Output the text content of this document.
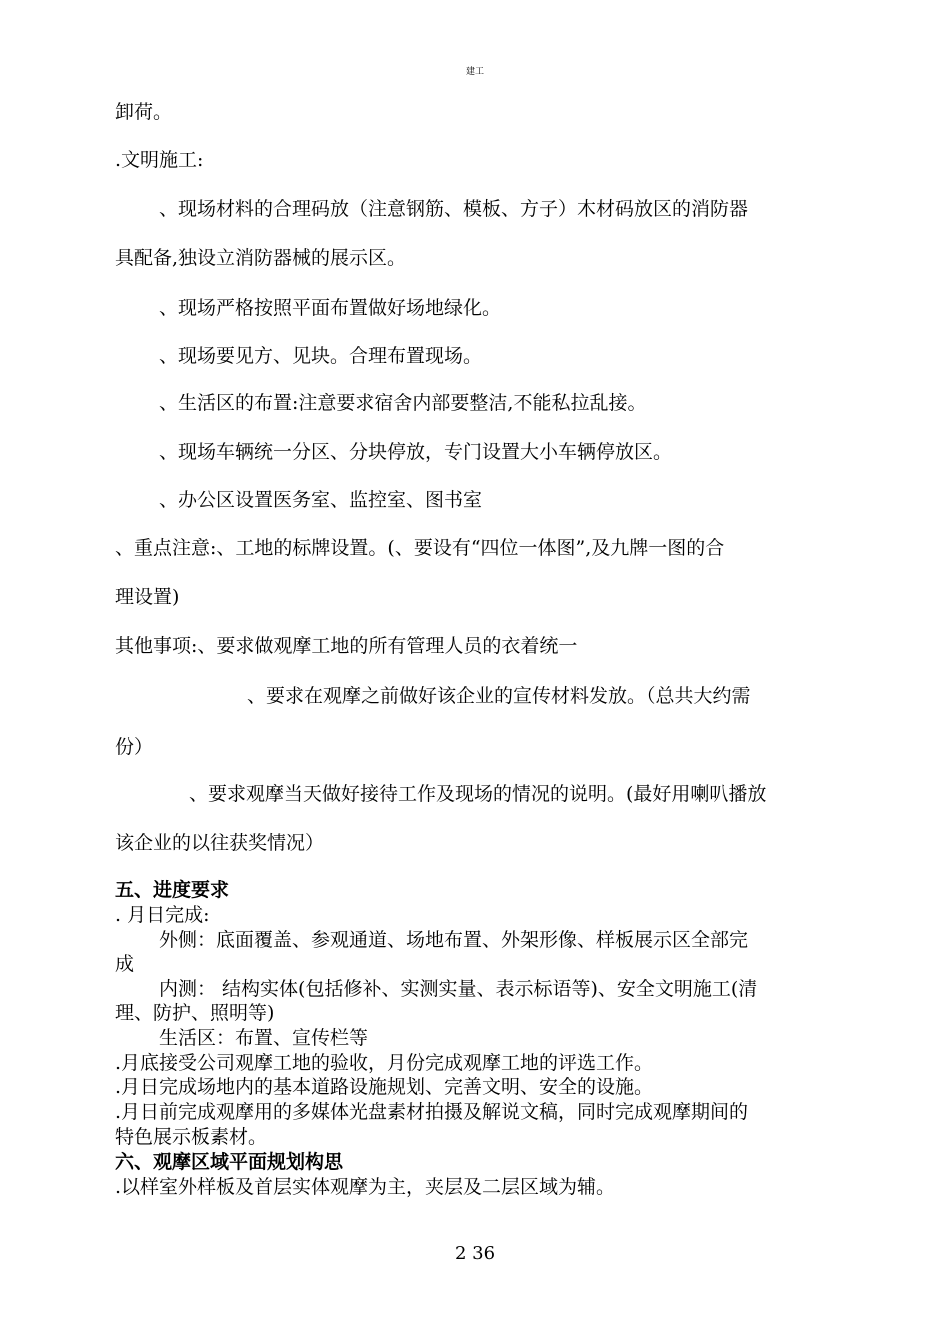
建工
卸荷。
.文明施工:
、现场材料的合理码放（注意钢筋、模板、方子）木材码放区的消防器
具配备,独设立消防器械的展示区。
、现场严格按照平面布置做好场地绿化。
、现场要见方、见块。合理布置现场。
、生活区的布置:注意要求宿舍内部要整洁,不能私拉乱接。
、现场车辆统一分区、分块停放，专门设置大小车辆停放区。
、办公区设置医务室、监控室、图书室
、重点注意:、工地的标牌设置。(、要设有“四位一体图”,及九牌一图的合
理设置)
其他事项:、要求做观摩工地的所有管理人员的衣着统一
、要求在观摩之前做好该企业的宣传材料发放。（总共大约需
份）
、要求观摩当天做好接待工作及现场的情况的说明。(最好用喇叭播放
该企业的以往获奖情况）
五、进度要求
. 月日完成:
外侧：底面覆盖、参观通道、场地布置、外架形像、样板展示区全部完
成
内测： 结构实体(包括修补、实测实量、表示标语等)、安全文明施工(清
理、防护、照明等)
生活区：布置、宣传栏等
.月底接受公司观摩工地的验收，月份完成观摩工地的评选工作。
.月日完成场地内的基本道路设施规划、完善文明、安全的设施。
.月日前完成观摩用的多媒体光盘素材拍摄及解说文稿，同时完成观摩期间的
特色展示板素材。
六、观摩区域平面规划构思
.以样室外样板及首层实体观摩为主，夹层及二层区域为辅。
2 36
